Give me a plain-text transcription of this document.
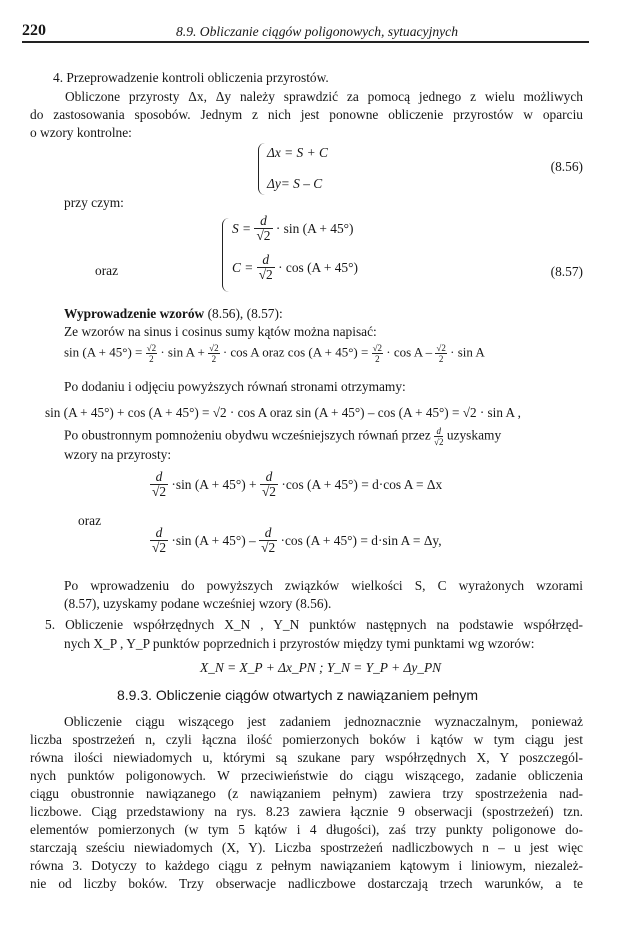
220	8.9. Obliczanie ciągów poligonowych, sytuacyjnych
4. Przeprowadzenie kontroli obliczenia przyrostów.
Obliczone przyrosty Δx, Δy należy sprawdzić za pomocą jednego z wielu możliwych
do zastosowania sposobów. Jednym z nich jest ponowne obliczenie przyrostów w oparciu
o wzory kontrolne:
Δx = S + C
Δy= S – C
(8.56)
przy czym:
$S = \frac{d}{√2} \cdot \sin (A + 45^\circ)$
oraz	$C = \frac{d}{√2} \cdot \cos (A + 45^\circ)$	(8.57)
Wyprowadzenie wzorów (8.56), (8.57):
Ze wzorów na sinus i cosinus sumy kątów można napisać:
$\sin (A + 45^\circ) = \frac{√2}{2} \cdot \sin A + \frac{√2}{2} \cdot \cos A$ oraz $\cos (A + 45^\circ) = \frac{√2}{2} \cdot \cos A - \frac{√2}{2} \cdot \sin A$
Po dodaniu i odjęciu powyższych równań stronami otrzymamy:
sin (A + 45°) + cos (A + 45°) = √2 · cos A oraz sin (A + 45°) – cos (A + 45°) = √2 · sin A ,
Po obustronnym pomnożeniu obydwu wcześniejszych równań przez $\frac{d}{√2}$ uzyskamy
wzory na przyrosty:
$\frac{d}{√2} \cdot\sin$ $(A + 45^\circ) + \frac{d}{√2} \cdot\cos$ (A + 45°) = d·cos A = Δx
oraz
$\frac{d}{√2} \cdot\sin$ $(A + 45^\circ) - \frac{d}{√2} \cdot\cos$ (A + 45°) = d·sin A = Δy,
Po wprowadzeniu do powyższych związków wielkości S, C wyrażonych wzorami
(8.57), uzyskamy podane wcześniej wzory (8.56).
5. Obliczenie współrzędnych X_N , Y_N punktów następnych na podstawie współrzęd-
nych X_P , Y_P punktów poprzednich i przyrostów między tymi punktami wg wzorów:
X_N = X_P + Δx_PN ; Y_N = Y_P + Δy_PN
8.9.3. Obliczenie ciągów otwartych z nawiązaniem pełnym
Obliczenie ciągu wiszącego jest zadaniem jednoznacznie wyznaczalnym, ponieważ
liczba spostrzeżeń n, czyli łączna ilość pomierzonych boków i kątów w tym ciągu jest
równa ilości niewiadomych u, którymi są szukane pary współrzędnych X, Y poszczegól-
nych punktów poligonowych. W przeciwieństwie do ciągu wiszącego, zadanie obliczenia
ciągu obustronnie nawiązanego (z nawiązaniem pełnym) zawiera trzy spostrzeżenia nad-
liczbowe. Ciąg przedstawiony na rys. 8.23 zawiera łącznie 9 obserwacji (spostrzeżeń) tzn.
elementów pomierzonych (w tym 5 kątów i 4 długości), zaś trzy punkty poligonowe do-
starczają sześciu niewiadomych (X, Y). Liczba spostrzeżeń nadliczbowych n – u jest więc
równa 3. Dotyczy to każdego ciągu z pełnym nawiązaniem kątowym i liniowym, niezależ-
nie od liczby boków. Trzy obserwacje nadliczbowe dostarczają trzech warunków, a te
